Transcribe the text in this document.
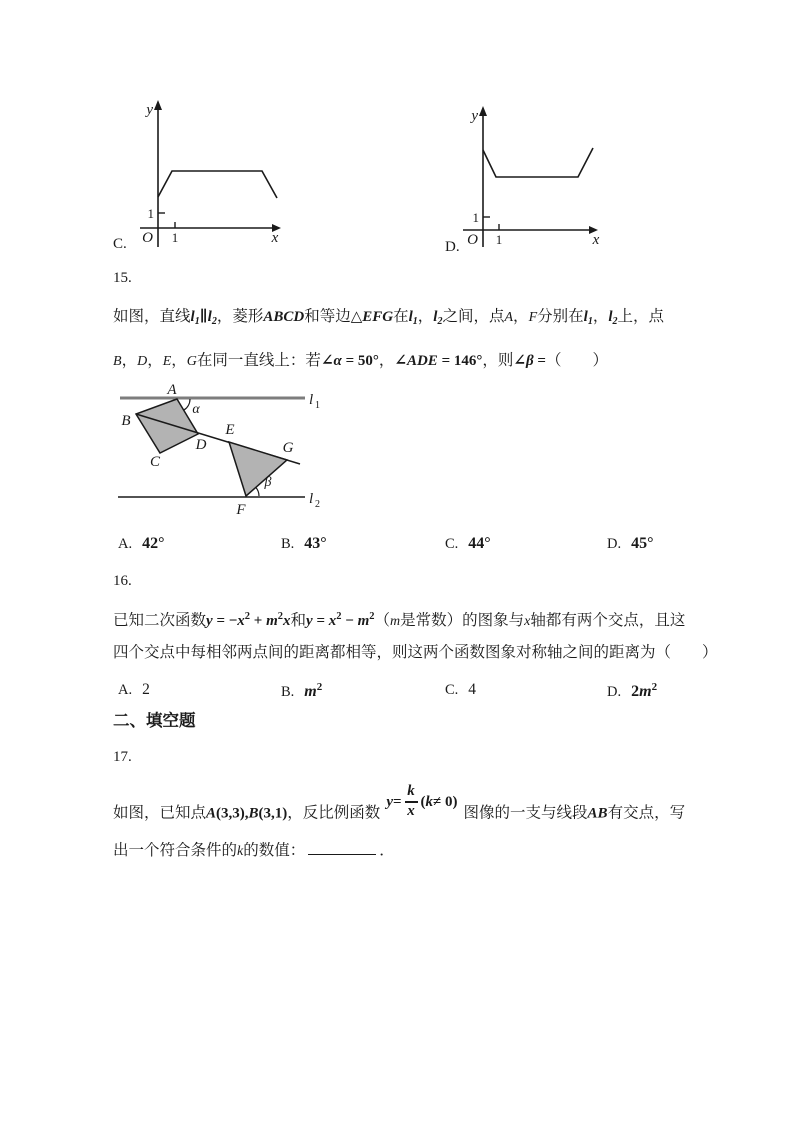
C.
y
x
1
1
O
D.
y
x
1
1
O
15.
如图，直线l1∥l2，菱形ABCD和等边△EFG在l1，l2之间，点A，F分别在l1，l2上，点
B，D，E，G在同一直线上：若∠α = 50°，∠ADE = 146°，则∠β =（　　）
A
B
C
D
E
F
G
α
β
l 1
l 2
A. 42°	B. 43°	C. 44°	D. 45°
16.
已知二次函数$y = -x^2 + m^2x$和$y = x^2 - m^2(m$是常数）的图象与x轴都有两个交点，且这
四个交点中每相邻两点间的距离都相等，则这两个函数图象对称轴之间的距离为（　　）
A. 2	B. $m^2$	C. 4	D. $2m^2$
二、填空题
17.
如图，已知点A(3,3),B(3,1)，反比例函数
$y = \frac{k}{x}$ ( k ≠ 0)
图像的一支与线段AB有交点，写
出一个符合条件的k的数值：	．
